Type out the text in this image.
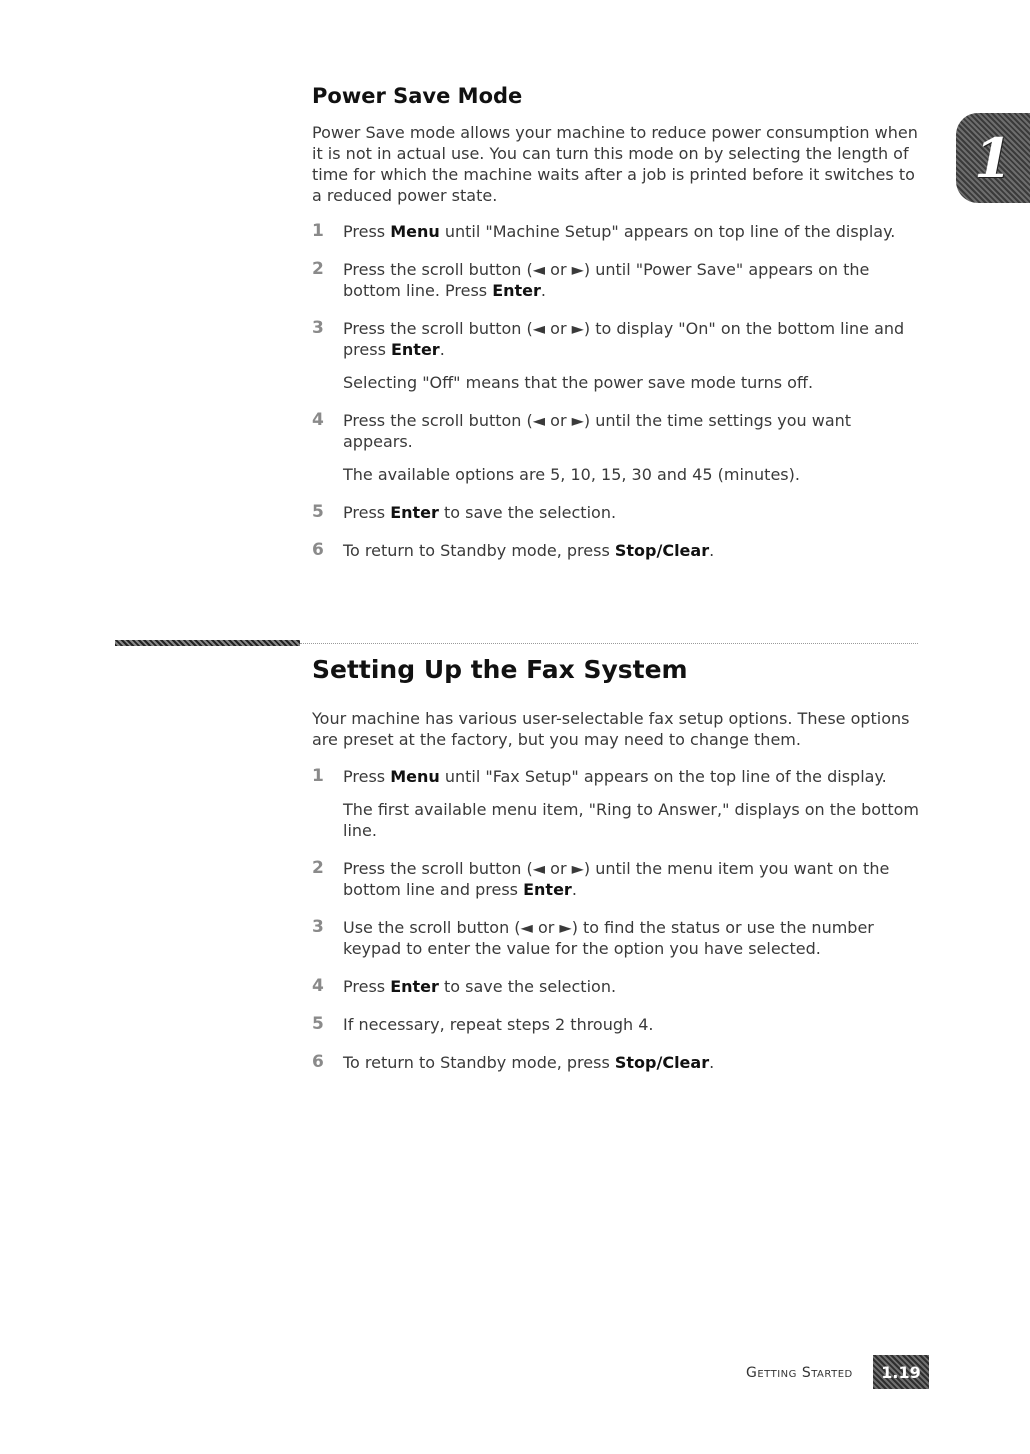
1
Power Save Mode

Power Save mode allows your machine to reduce power consumption when it is not in actual use. You can turn this mode on by selecting the length of time for which the machine waits after a job is printed before it switches to a reduced power state.

1 Press Menu until "Machine Setup" appears on top line of the display.
2 Press the scroll button (◄ or ►) until "Power Save" appears on the bottom line. Press Enter.
3 Press the scroll button (◄ or ►) to display "On" on the bottom line and press Enter.
Selecting "Off" means that the power save mode turns off.
4 Press the scroll button (◄ or ►) until the time settings you want appears.
The available options are 5, 10, 15, 30 and 45 (minutes).
5 Press Enter to save the selection.
6 To return to Standby mode, press Stop/Clear.
Setting Up the Fax System

Your machine has various user-selectable fax setup options. These options are preset at the factory, but you may need to change them.

1 Press Menu until "Fax Setup" appears on the top line of the display.
The first available menu item, "Ring to Answer," displays on the bottom line.
2 Press the scroll button (◄ or ►) until the menu item you want on the bottom line and press Enter.
3 Use the scroll button (◄ or ►) to find the status or use the number keypad to enter the value for the option you have selected.
4 Press Enter to save the selection.
5 If necessary, repeat steps 2 through 4.
6 To return to Standby mode, press Stop/Clear.
Getting Started	1.19
